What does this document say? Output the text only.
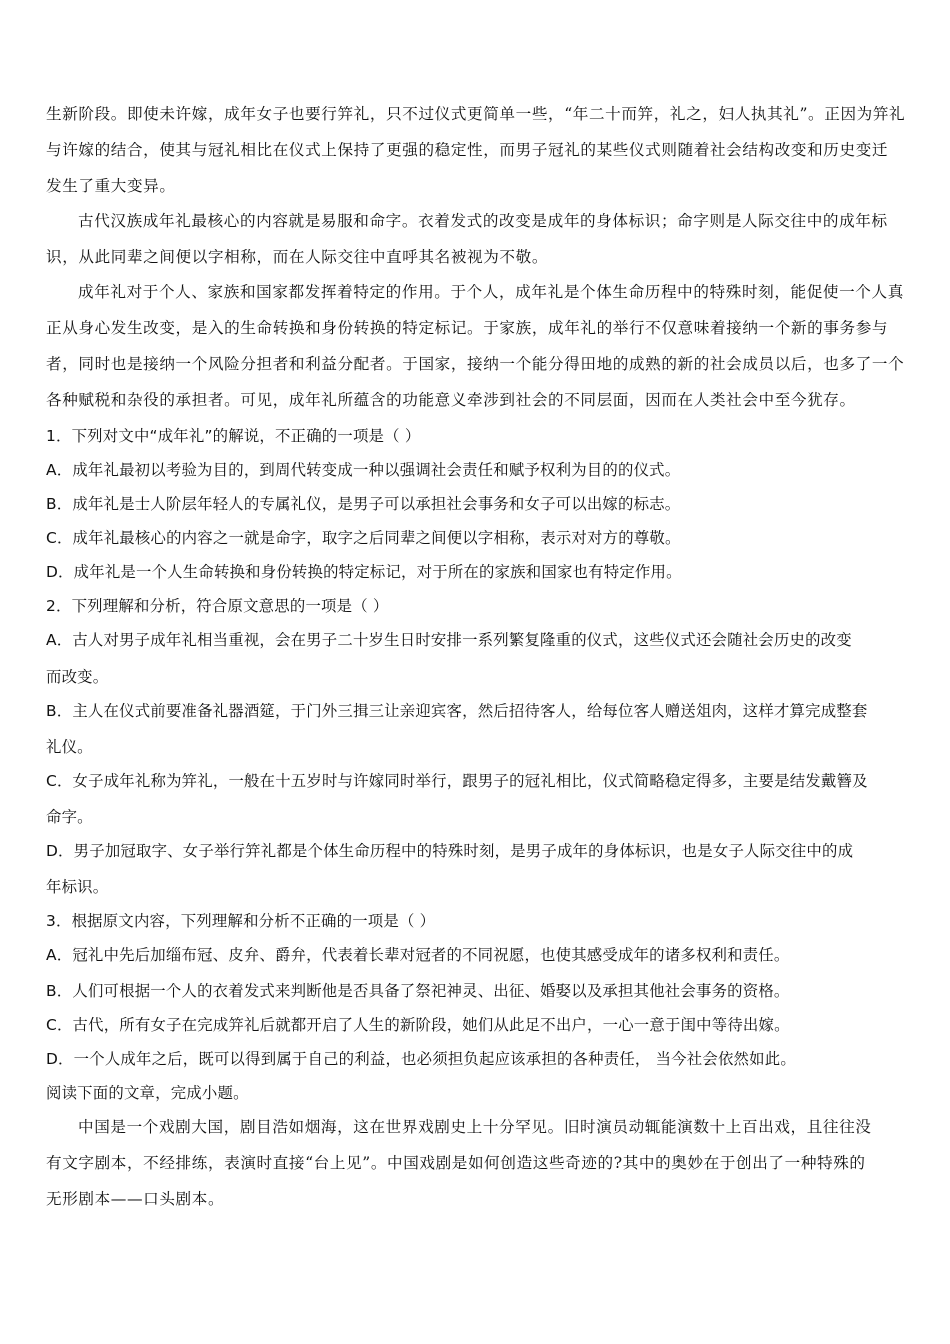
生新阶段。即使未许嫁，成年女子也要行笄礼，只不过仪式更简单一些，“年二十而笄，礼之，妇人执其礼”。正因为笄礼
与许嫁的结合，使其与冠礼相比在仪式上保持了更强的稳定性，而男子冠礼的某些仪式则随着社会结构改变和历史变迁
发生了重大变异。
古代汉族成年礼最核心的内容就是易服和命字。衣着发式的改变是成年的身体标识；命字则是人际交往中的成年标
识，从此同辈之间便以字相称，而在人际交往中直呼其名被视为不敬。
成年礼对于个人、家族和国家都发挥着特定的作用。于个人，成年礼是个体生命历程中的特殊时刻，能促使一个人真
正从身心发生改变，是入的生命转换和身份转换的特定标记。于家族，成年礼的举行不仅意味着接纳一个新的事务参与
者，同时也是接纳一个风险分担者和利益分配者。于国家，接纳一个能分得田地的成熟的新的社会成员以后，也多了一个
各种赋税和杂役的承担者。可见，成年礼所蕴含的功能意义牵涉到社会的不同层面，因而在人类社会中至今犹存。
1．下列对文中“成年礼”的解说，不正确的一项是（ ）
A．成年礼最初以考验为目的，到周代转变成一种以强调社会责任和赋予权利为目的的仪式。
B．成年礼是士人阶层年轻人的专属礼仪，是男子可以承担社会事务和女子可以出嫁的标志。
C．成年礼最核心的内容之一就是命字，取字之后同辈之间便以字相称，表示对对方的尊敬。
D．成年礼是一个人生命转换和身份转换的特定标记，对于所在的家族和国家也有特定作用。
2．下列理解和分析，符合原文意思的一项是（ ）
A．古人对男子成年礼相当重视，会在男子二十岁生日时安排一系列繁复隆重的仪式，这些仪式还会随社会历史的改变
而改变。
B．主人在仪式前要准备礼器酒筵，于门外三揖三让亲迎宾客，然后招待客人，给每位客人赠送俎肉，这样才算完成整套
礼仪。
C．女子成年礼称为笄礼，一般在十五岁时与许嫁同时举行，跟男子的冠礼相比，仪式简略稳定得多，主要是结发戴簪及
命字。
D．男子加冠取字、女子举行笄礼都是个体生命历程中的特殊时刻，是男子成年的身体标识，也是女子人际交往中的成
年标识。
3．根据原文内容，下列理解和分析不正确的一项是（ ）
A．冠礼中先后加缁布冠、皮弁、爵弁，代表着长辈对冠者的不同祝愿，也使其感受成年的诸多权利和责任。
B．人们可根据一个人的衣着发式来判断他是否具备了祭祀神灵、出征、婚娶以及承担其他社会事务的资格。
C．古代，所有女子在完成笄礼后就都开启了人生的新阶段，她们从此足不出户，一心一意于闺中等待出嫁。
D．一个人成年之后，既可以得到属于自己的利益，也必须担负起应该承担的各种责任， 当今社会依然如此。
阅读下面的文章，完成小题。
中国是一个戏剧大国，剧目浩如烟海，这在世界戏剧史上十分罕见。旧时演员动辄能演数十上百出戏，且往往没
有文字剧本，不经排练，表演时直接“台上见”。中国戏剧是如何创造这些奇迹的?其中的奥妙在于创出了一种特殊的
无形剧本——口头剧本。
